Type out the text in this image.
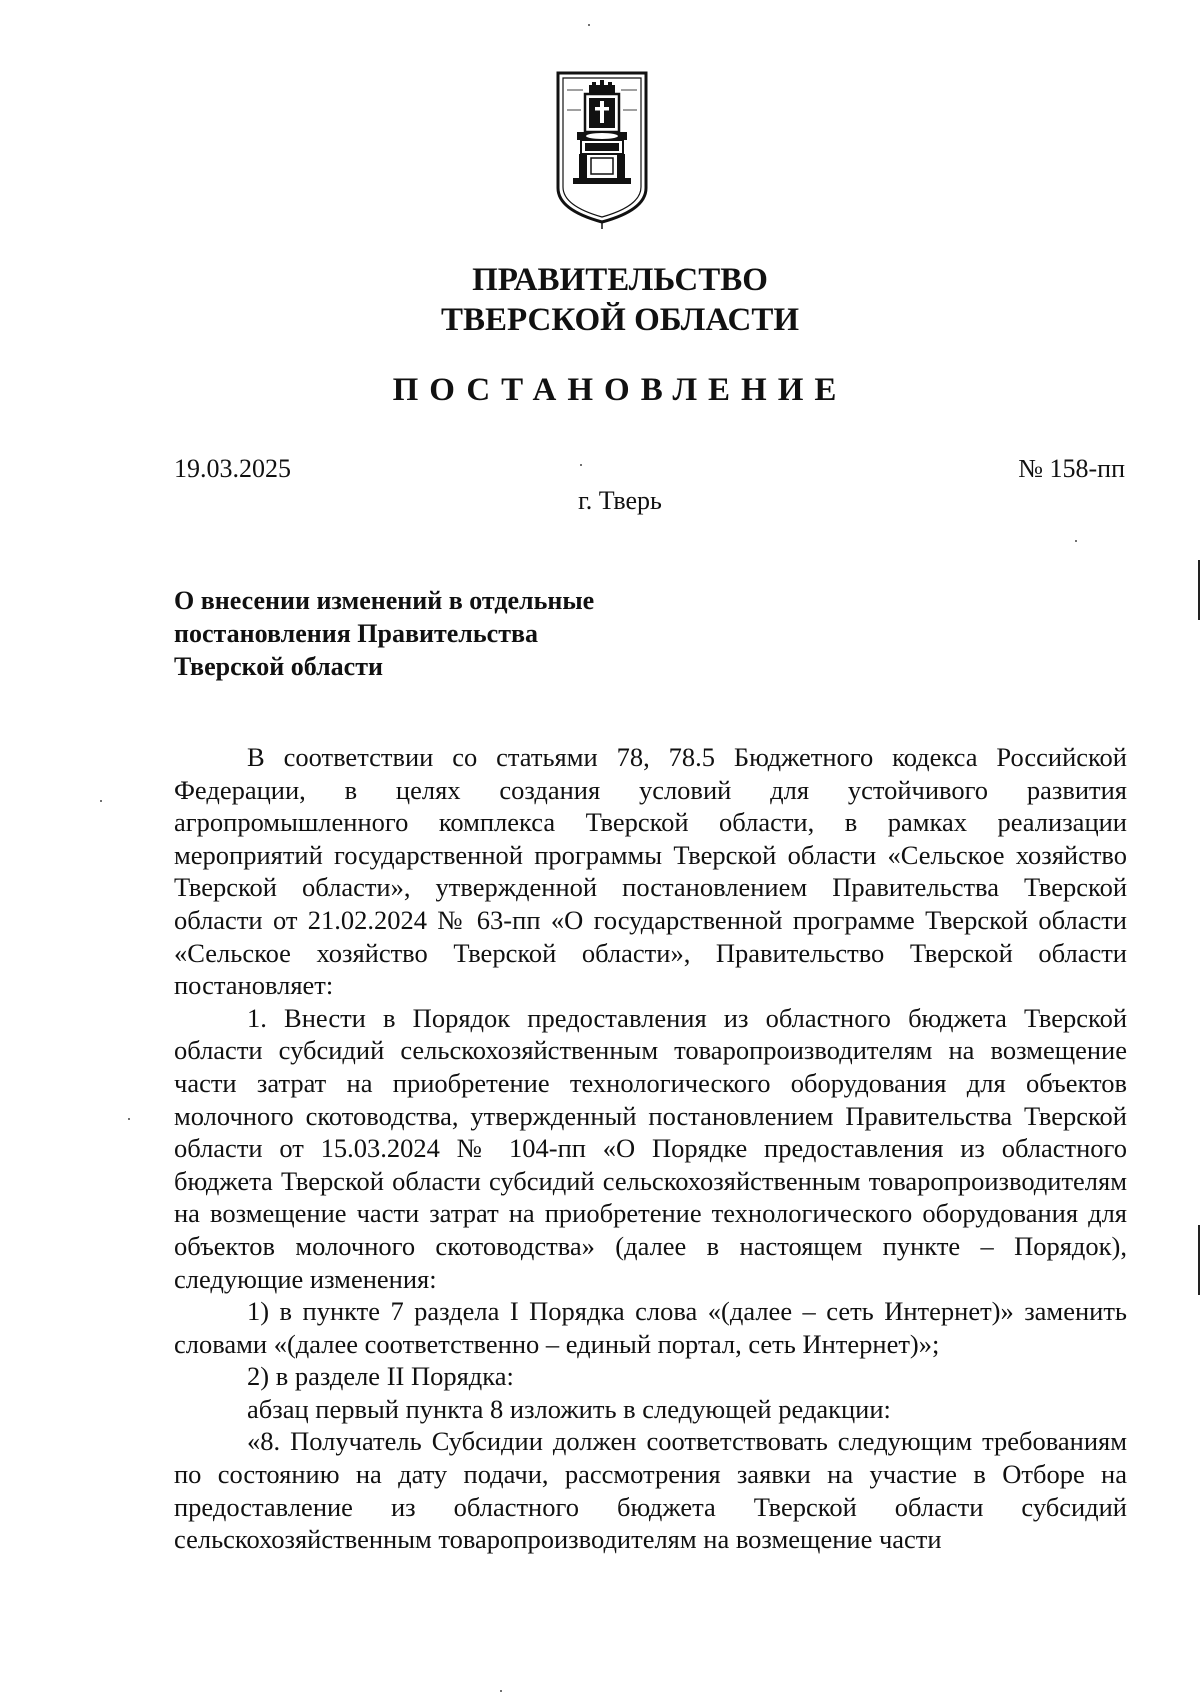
ПРАВИТЕЛЬСТВО
ТВЕРСКОЙ ОБЛАСТИ
ПОСТАНОВЛЕНИЕ
19.03.2025	№ 158-пп
г. Тверь
О внесении изменений в отдельные
постановления Правительства
Тверской области

В соответствии со статьями 78, 78.5 Бюджетного кодекса Российской Федерации, в целях создания условий для устойчивого развития агропромышленного комплекса Тверской области, в рамках реализации мероприятий государственной программы Тверской области «Сельское хозяйство Тверской области», утвержденной постановлением Правительства Тверской области от 21.02.2024 № 63-пп «О государственной программе Тверской области «Сельское хозяйство Тверской области», Правительство Тверской области постановляет:

1. Внести в Порядок предоставления из областного бюджета Тверской области субсидий сельскохозяйственным товаропроизводителям на возмещение части затрат на приобретение технологического оборудования для объектов молочного скотоводства, утвержденный постановлением Правительства Тверской области от 15.03.2024 № 104-пп «О Порядке предоставления из областного бюджета Тверской области субсидий сельскохозяйственным товаропроизводителям на возмещение части затрат на приобретение технологического оборудования для объектов молочного скотоводства» (далее в настоящем пункте – Порядок), следующие изменения:

1) в пункте 7 раздела I Порядка слова «(далее – сеть Интернет)» заменить словами «(далее соответственно – единый портал, сеть Интернет)»;

2) в разделе II Порядка:

абзац первый пункта 8 изложить в следующей редакции:

«8. Получатель Субсидии должен соответствовать следующим требованиям по состоянию на дату подачи, рассмотрения заявки на участие в Отборе на предоставление из областного бюджета Тверской области субсидий сельскохозяйственным товаропроизводителям на возмещение части
